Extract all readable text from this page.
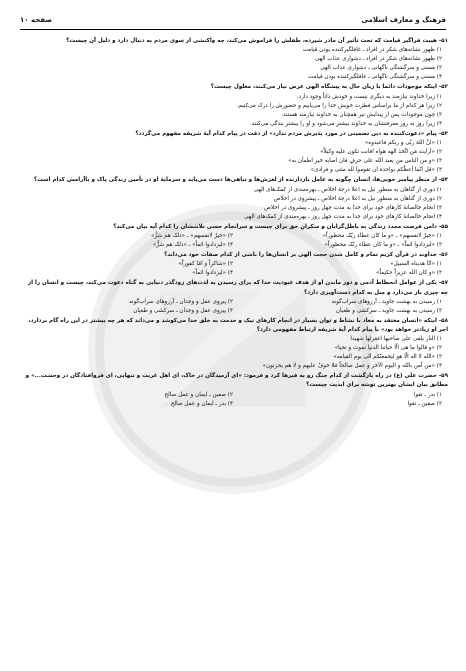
فرهنگ و معارف اسلامی
صفحه ۱۰
۵۱- هیبت فراگیر قیامت که تحت تأثیر آن مادر شیرده، طفلش را فراموش می‌کند، چه واکنشی از سوی مردم به دنبال دارد و دلیل آن چیست؟
۱) ظهور نشانه‌های شکر در افراد ـ غافلگیرکننده بودن قیامت
۲) ظهور نشانه‌های شکر در افراد ـ دشواری عذاب الهی
۳) مستی و سرگشتگی ناگهانی ـ دشواری عذاب الهی
۴) مستی و سرگشتگی ناگهانی ـ غافلگیرکننده بودن قیامت
۵۲- اینکه موجودات دائما با زبان حال به پیشگاه الهی عرض نیاز می‌کنند، معلول چیست؟
۱) زیرا خداوند نیازمند به دیگری نیست و خودش ذاتاً وجود دارد.
۲) زیرا هر کدام از ما براساس فطرت خویش خدا را می‌یابیم و حضورش را درک می‌کنیم.
۳) چون موجودات پس از پیدایش نیز همچنان به خداوند نیازمند هستند.
۴) زیرا روز به روز معرفتشان به خداوند بیشتر می‌شود و او را بیشتر بندگی می‌کنند.
۵۳- پیام «دعوت‌کننده به دین تضمینی در مورد پذیرش مردم ندارد» از دقت در پیام کدام آیهٔ شریفه مفهوم می‌گردد؟
۱) «انَّ اللهَ ربّی و ربکم فاعبدوه»
۲) «أرأیتَ مَن اتَّخذ الهه هواه افانت تکون علیه وکیلاً»
۳) «و من الناس من یعبد الله علی حرفٍ فان اصابه خیر اطمأن به»
۴) «قل انّما أعظُکم بواحدة ان تقوموا لله مثنی و فرادی»
۵۴- از منظر پیامبر خوبی‌ها، انسان چگونه به عامل بازدارنده از لغزش‌ها و تباهی‌ها دست می‌یابد و سرمایهٔ او در تأمین زندگی پاک و باآرامش کدام است؟
۱) دوری از گناهان به منظور نیل به اعلا درجهٔ اخلاص ـ بهره‌مندی از کمک‌های الهی
۲) دوری از گناهان به منظور نیل به اعلا درجهٔ اخلاص ـ پیشروی در اخلاص
۳) انجام خالصانهٔ کارهای خود برای خدا به مدت چهل روز ـ پیشروی در اخلاص
۴) انجام خالصانهٔ کارهای خود برای خدا به مدت چهل روز ـ بهره‌مندی از کمک‌های الهی
۵۵- دامن فرصت مجدد زندگی به باطل‌گرایان و منکرانِ حق برای چیست و سرانجام حسی تلاششان را کدام آیه بیان می‌کند؟
۱) «خیرٌ لانفسهم» ـ «و ما کان عطاء ربّک محظوراً»
۲) «خیرٌ لانفسهم» ـ «ذلک هم شرٌّ»
۳) «لیزدادوا اثماً» ـ «و ما کان عطاء ربّک محظوراً»
۴) «لیزدادوا اثماً» ـ «ذلک هم شرٌّ»
۵۶- خداوند در قرآن کریم تمام و کامل شدن حجت الهی بر انسان‌ها را ناشی از کدام صفات خود می‌داند؟
۱) «انّا هدیناه السبیل»
۲) «شاکراً و امّا کفوراً»
۳) «و کان الله عزیزاً حکیماً»
۴) «لیزدادوا اثماً»
۵۷- یکی از عوامل انحطاط آدمی و دور ماندن او از هدف عبودیت خدا که برای رسیدن به لذت‌های زودگذر دنیایی به گناه دعوت می‌کند، چیست و انسان را از چه چیزی باز می‌دارد و مبل به کدام دست‌آویزی دارد؟
۱) رسیدن به بهشت جاوید ـ آرزوهای سراب‌گونه
۲) پیروی عقل و وجدان ـ آرزوهای سراب‌گونه
۳) رسیدن به بهشت جاوید ـ سرکشی و طغیان
۴) پیروی عقل و وجدان ـ سرکشی و طغیان
۵۸- اینکه «انسان معتقد به معاد با نشاط و توان بسیار در انجام کارهای نیک و خدمت به خلق خدا می‌کوشد و می‌داند که هر چه بیشتر در این راه گام بردارد، اجر او زیادتر خواهد بود» با پیام کدام آیهٔ شریفه ارتباط مفهومی دارد؟
۱) النار یلقی علی صاحبها اغفرلها شهیدا
۲) «و قالوا ما هی الّا حیاتنا الدنیا نموت و نحیا»
۳) «الله لا اله الّا هو لیجمعنّکم الی یوم القیامه»
۴) «من آمن بالله و الیوم الآخر و عمل صالحاً فلا خوفٌ علیهم و لا هم یحزنون»
۵۹- حضرت علی (ع) در راه بازگشت از کدام جنگ رو به قبرها کرد و فرمود: «ای آرمیدگان در خاک، ای اهل غربت و تنهایی، ای فروافتادگان در وحشت...» و مطابق بیان ایشان بهترین توشه برای ابدیت چیست؟
۱) بدر ـ تقوا
۲) صفین ـ ایمان و عمل صالح
۳) صفین ـ تقوا
۴) بدر ـ ایمان و عمل صالح
